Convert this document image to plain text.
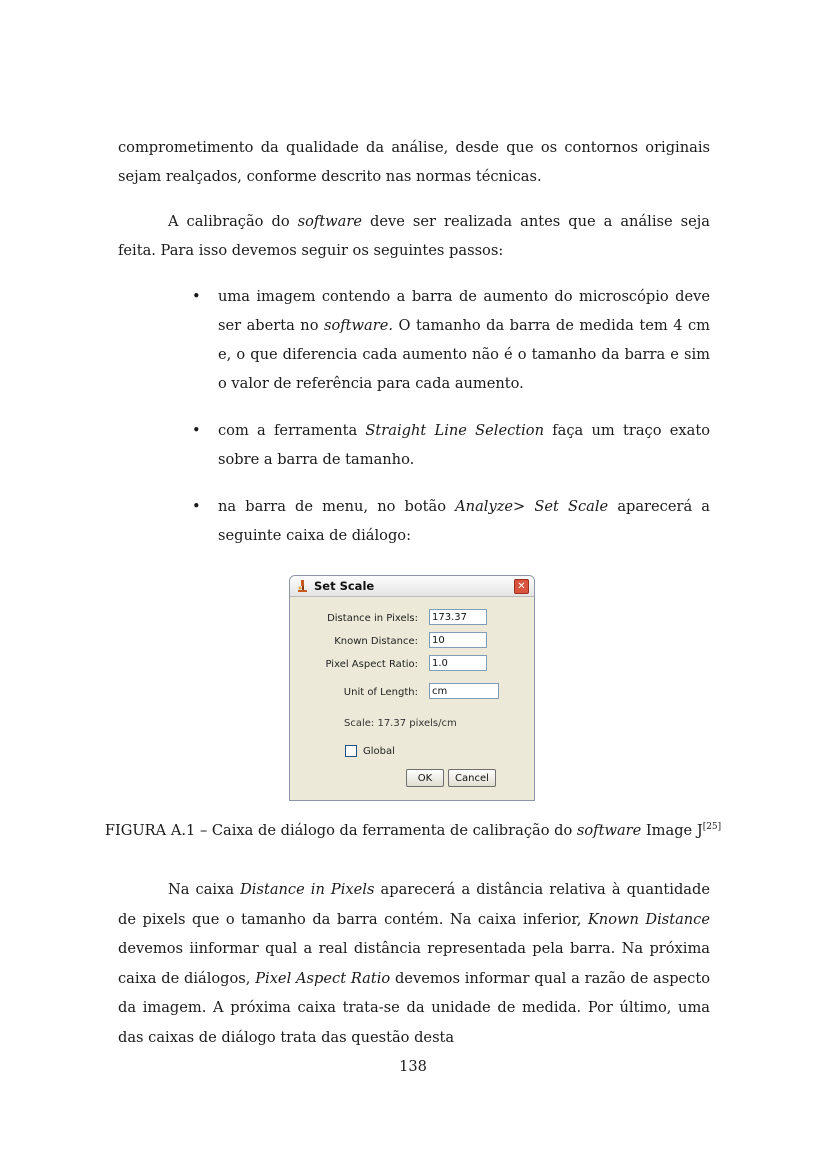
comprometimento da qualidade da análise, desde que os contornos originais sejam realçados, conforme descrito nas normas técnicas.

A calibração do software deve ser realizada antes que a análise seja feita. Para isso devemos seguir os seguintes passos:

• uma imagem contendo a barra de aumento do microscópio deve ser aberta no software. O tamanho da barra de medida tem 4 cm e, o que diferencia cada aumento não é o tamanho da barra e sim o valor de referência para cada aumento.
• com a ferramenta Straight Line Selection faça um traço exato sobre a barra de tamanho.
• na barra de menu, no botão Analyze> Set Scale aparecerá a seguinte caixa de diálogo:
Set Scale	✕
Distance in Pixels:	173.37
Known Distance:	10
Pixel Aspect Ratio:	1.0
Unit of Length:	cm
Scale: 17.37 pixels/cm
Global
OK	Cancel
FIGURA A.1 – Caixa de diálogo da ferramenta de calibração do software Image J[25]

Na caixa Distance in Pixels aparecerá a distância relativa à quantidade de pixels que o tamanho da barra contém. Na caixa inferior, Known Distance devemos iinformar qual a real distância representada pela barra. Na próxima caixa de diálogos, Pixel Aspect Ratio devemos informar qual a razão de aspecto da imagem. A próxima caixa trata-se da unidade de medida. Por último, uma das caixas de diálogo trata das questão desta

138
